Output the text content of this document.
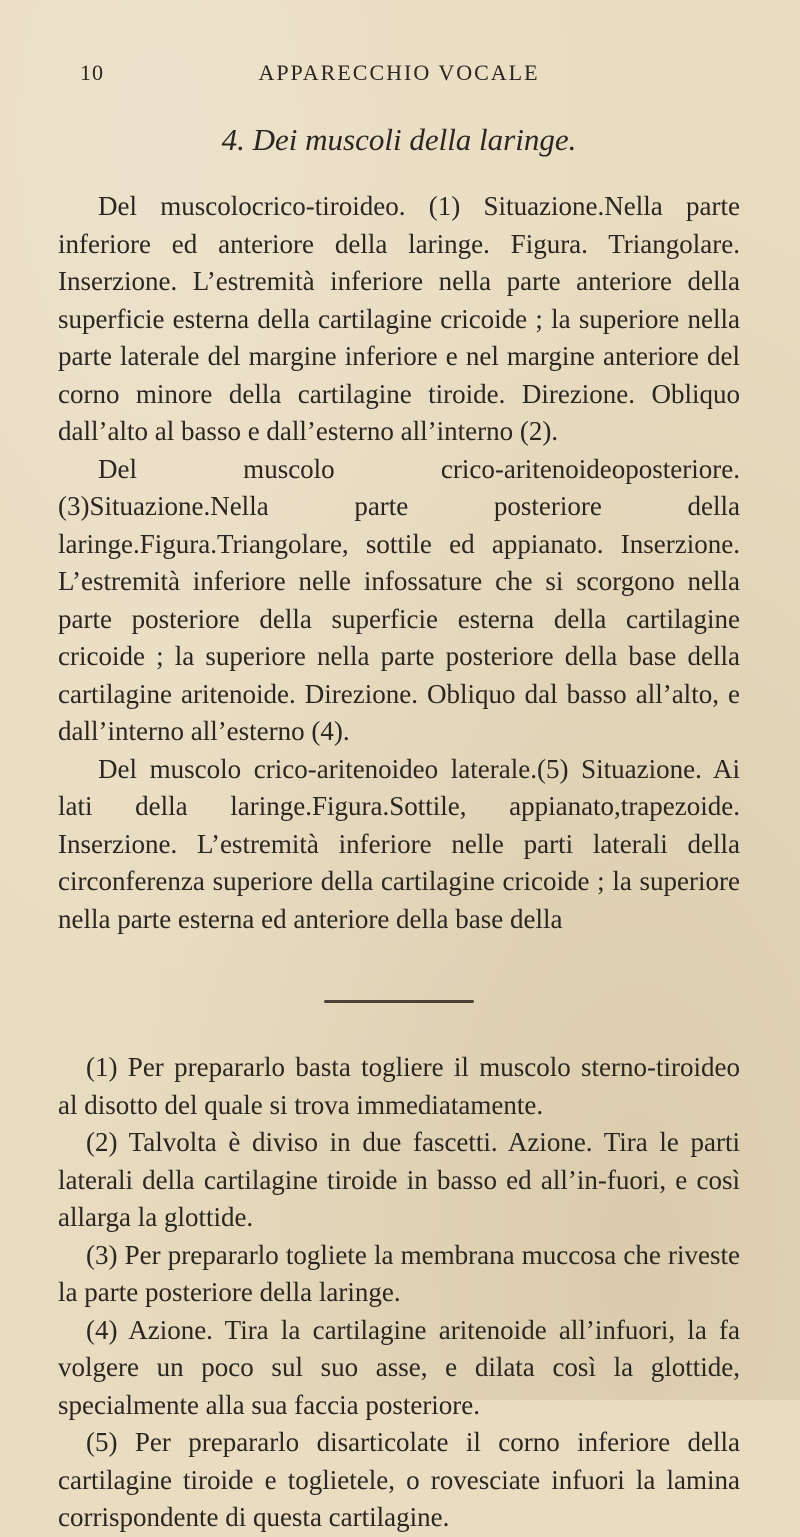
10	APPARECCHIO VOCALE
4. Dei muscoli della laringe.

Del muscolocrico-tiroideo. (1) Situazione.Nella parte inferiore ed anteriore della laringe. Figura. Triangolare. Inserzione. L’estremità inferiore nella parte anteriore della superficie esterna della cartilagine cricoide ; la superiore nella parte laterale del margine inferiore e nel margine anteriore del corno minore della cartilagine tiroide. Direzione. Obliquo dall’alto al basso e dall’esterno all’interno (2).

Del muscolo crico-aritenoideoposteriore.(3)Situazione.Nella parte posteriore della laringe.Figura.Triangolare, sottile ed appianato. Inserzione. L’estremità inferiore nelle infossature che si scorgono nella parte posteriore della superficie esterna della cartilagine cricoide ; la superiore nella parte posteriore della base della cartilagine aritenoide. Direzione. Obliquo dal basso all’alto, e dall’interno all’esterno (4).

Del muscolo crico-aritenoideo laterale.(5) Situazione. Ai lati della laringe.Figura.Sottile, appianato,trapezoide. Inserzione. L’estremità inferiore nelle parti laterali della circonferenza superiore della cartilagine cricoide ; la superiore nella parte esterna ed anteriore della base della

(1) Per prepararlo basta togliere il muscolo sterno-tiroideo al disotto del quale si trova immediatamente.

(2) Talvolta è diviso in due fascetti. Azione. Tira le parti laterali della cartilagine tiroide in basso ed all’in-fuori, e così allarga la glottide.

(3) Per prepararlo togliete la membrana muccosa che riveste la parte posteriore della laringe.

(4) Azione. Tira la cartilagine aritenoide all’infuori, la fa volgere un poco sul suo asse, e dilata così la glottide, specialmente alla sua faccia posteriore.

(5) Per prepararlo disarticolate il corno inferiore della cartilagine tiroide e toglietele, o rovesciate infuori la lamina corrispondente di questa cartilagine.
